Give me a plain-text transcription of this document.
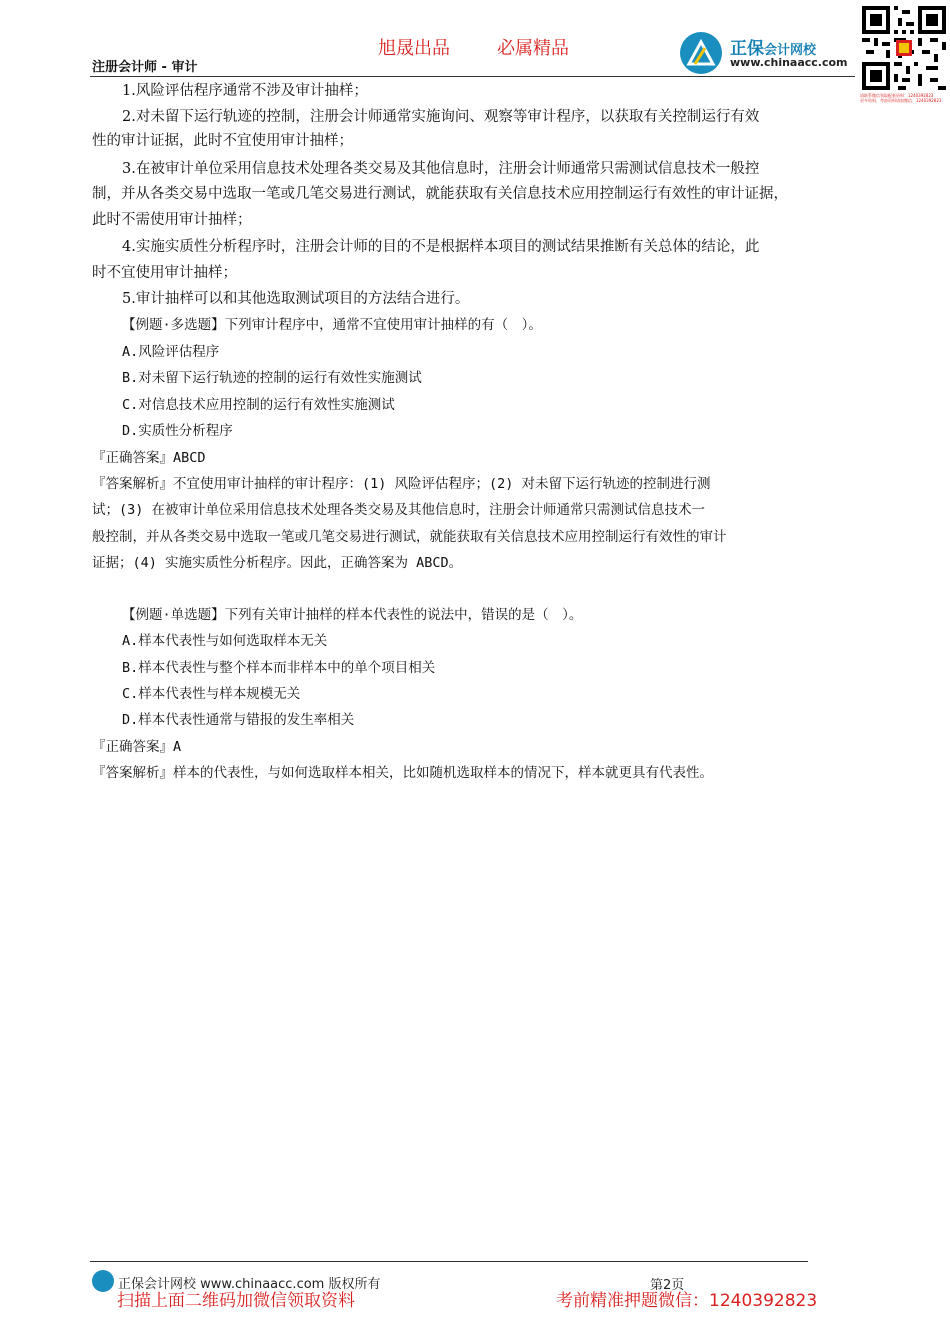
注册会计师 - 审计
旭晟出品	必属精品	正保会计网校
www.chinaacc.com
请联系微信领取配套资料：1240392823
更多资料，考前资料请加微信：1240392823
1.风险评估程序通常不涉及审计抽样；
2.对未留下运行轨迹的控制，注册会计师通常实施询问、观察等审计程序，以获取有关控制运行有效
性的审计证据，此时不宜使用审计抽样；
3.在被审计单位采用信息技术处理各类交易及其他信息时，注册会计师通常只需测试信息技术一般控
制，并从各类交易中选取一笔或几笔交易进行测试，就能获取有关信息技术应用控制运行有效性的审计证据，
此时不需使用审计抽样；
4.实施实质性分析程序时，注册会计师的目的不是根据样本项目的测试结果推断有关总体的结论，此
时不宜使用审计抽样；
5.审计抽样可以和其他选取测试项目的方法结合进行。
【例题·多选题】下列审计程序中，通常不宜使用审计抽样的有（　）。
A.风险评估程序
B.对未留下运行轨迹的控制的运行有效性实施测试
C.对信息技术应用控制的运行有效性实施测试
D.实质性分析程序
『正确答案』ABCD
『答案解析』不宜使用审计抽样的审计程序：(1) 风险评估程序；(2) 对未留下运行轨迹的控制进行测
试；(3) 在被审计单位采用信息技术处理各类交易及其他信息时，注册会计师通常只需测试信息技术一
般控制，并从各类交易中选取一笔或几笔交易进行测试，就能获取有关信息技术应用控制运行有效性的审计
证据；(4) 实施实质性分析程序。因此，正确答案为 ABCD。
【例题·单选题】下列有关审计抽样的样本代表性的说法中，错误的是（　）。
A.样本代表性与如何选取样本无关
B.样本代表性与整个样本而非样本中的单个项目相关
C.样本代表性与样本规模无关
D.样本代表性通常与错报的发生率相关
『正确答案』A
『答案解析』样本的代表性，与如何选取样本相关，比如随机选取样本的情况下，样本就更具有代表性。
正保会计网校 www.chinaacc.com 版权所有	第2页
扫描上面二维码加微信领取资料	考前精准押题微信：1240392823
